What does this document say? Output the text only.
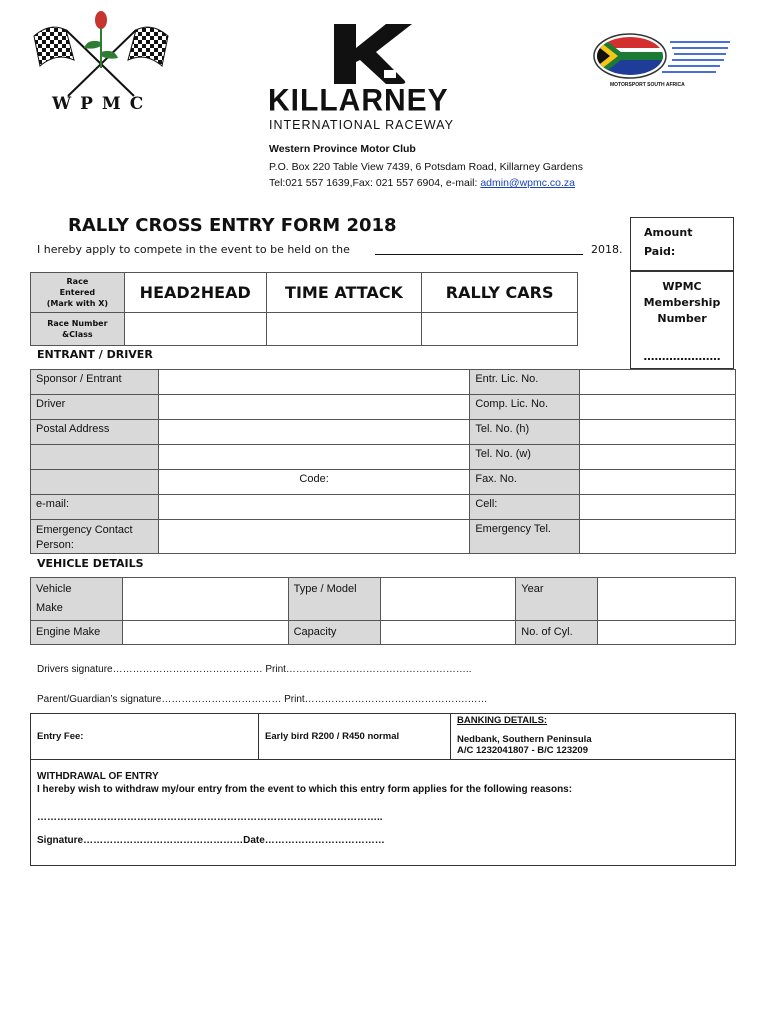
WPMC	KILLARNEY
INTERNATIONAL RACEWAY
MOTORSPORT SOUTH AFRICA
Western Province Motor Club
P.O. Box 220 Table View 7439, 6 Potsdam Road, Killarney Gardens
Tel:021 557 1639,Fax: 021 557 6904, e-mail: admin@wpmc.co.za
RALLY CROSS ENTRY FORM 2018
I hereby apply to compete in the event to be held on the	2018.
Amount
Paid:
WPMC
Membership
Number
…………………
Race
Entered
(Mark with X)	HEAD2HEAD	TIME ATTACK	RALLY CARS

Race Number
&Class			

ENTRANT / DRIVER
Sponsor / Entrant		Entr. Lic. No.	
Driver		Comp. Lic. No.	
Postal Address		Tel. No. (h)	
		Tel. No. (w)	
	Code:	Fax. No.	
e-mail:		Cell:	

Emergency Contact
Person:		Emergency Tel.	
VEHICLE DETAILS
Vehicle
Make		Type / Model		Year	
Engine Make		Capacity		No. of Cyl.	
Drivers signature……………………………………… Print………………………………………………..
Parent/Guardian’s signature……………………………… Print………………………………………….……
Entry Fee:	Early bird R200 / R450 normal	
BANKING DETAILS:
Nedbank, Southern Peninsula
A/C 1232041807 - B/C 123209

WITHDRAWAL OF ENTRY
I hereby wish to withdraw my/our entry from the event to which this entry form applies for the following reasons:
…………………………………………………………………………………………..
Signature…………………………………………Date………………………………
